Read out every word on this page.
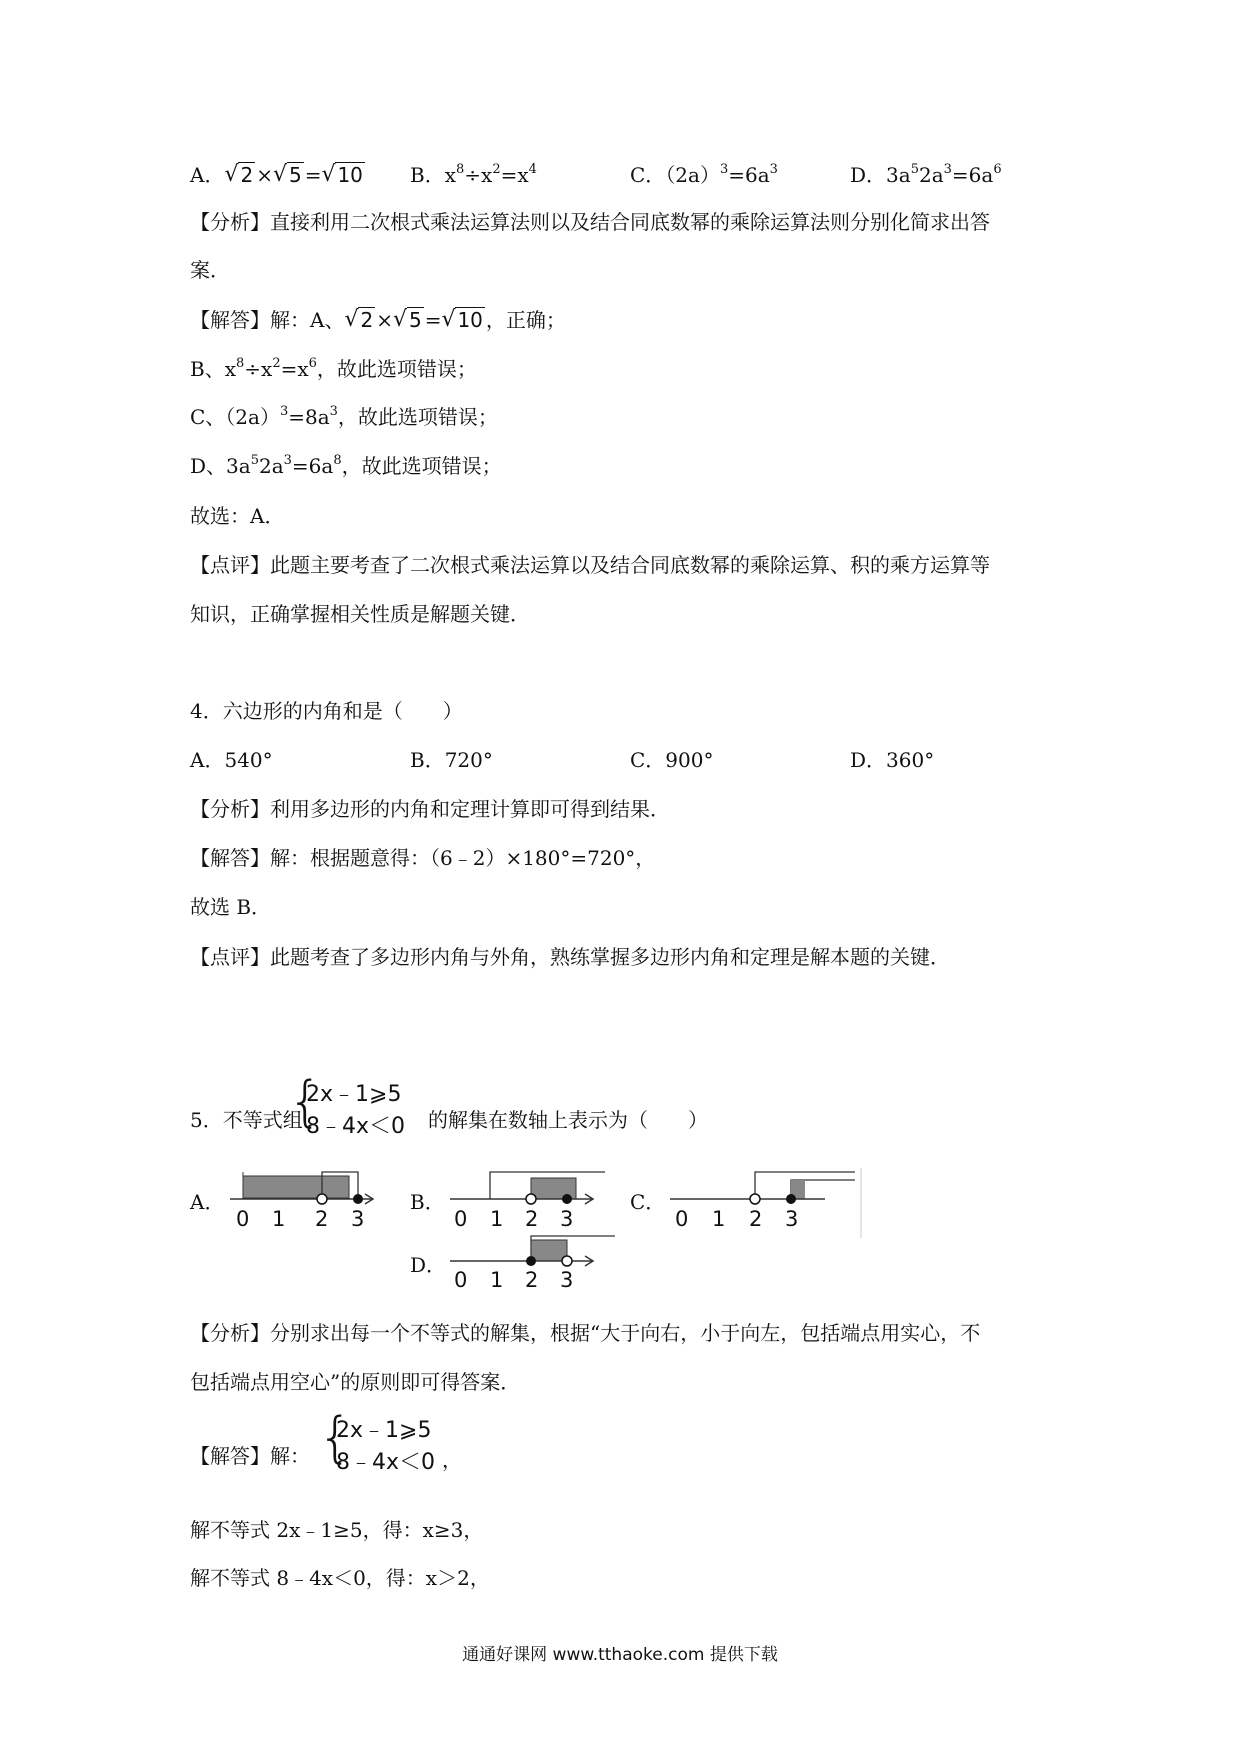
A． √ 2 × √ 5 = √ 10 B．$x^8\div x^2=x^4$	C．$(2a)^3=6a^3$	D．$3a^52a^3=6a^6$
【分析】直接利用二次根式乘法运算法则以及结合同底数幂的乘除运算法则分别化简求出答
案．
【解答】解：A、 √ 2 × √ 5 = √ 10 ，正确；
B、$x^8\div x^2=x^6$，故此选项错误；
C、$(2a)^3=8a^3$，故此选项错误；
D、$3a^52a^3=6a^8$，故此选项错误；
故选：A．
【点评】此题主要考查了二次根式乘法运算以及结合同底数幂的乘除运算、积的乘方运算等
知识，正确掌握相关性质是解题关键．
4．六边形的内角和是（　　）
A．540°	B．720°	C．900°	D．360°
【分析】利用多边形的内角和定理计算即可得到结果．
【解答】解：根据题意得：（6﹣2）×180°=720°，
故选 B．
【点评】此题考查了多边形内角与外角，熟练掌握多边形内角和定理是解本题的关键．
5．不等式组
{
2x﹣1⩾5
8﹣4x＜0 的解集在数轴上表示为（　　）
A．
0 1 2 3
B．
0 1 2 3
C．
0 1 2 3
D．
0 1 2 3
【分析】分别求出每一个不等式的解集，根据“大于向右，小于向左，包括端点用实心，不
包括端点用空心”的原则即可得答案．
【解答】解： {
2x﹣1⩾5
8﹣4x＜0 ，
解不等式 2x﹣1≥5，得：x≥3，
解不等式 8﹣4x＜0，得：x＞2，
通通好课网 www.tthaoke.com 提供下载
